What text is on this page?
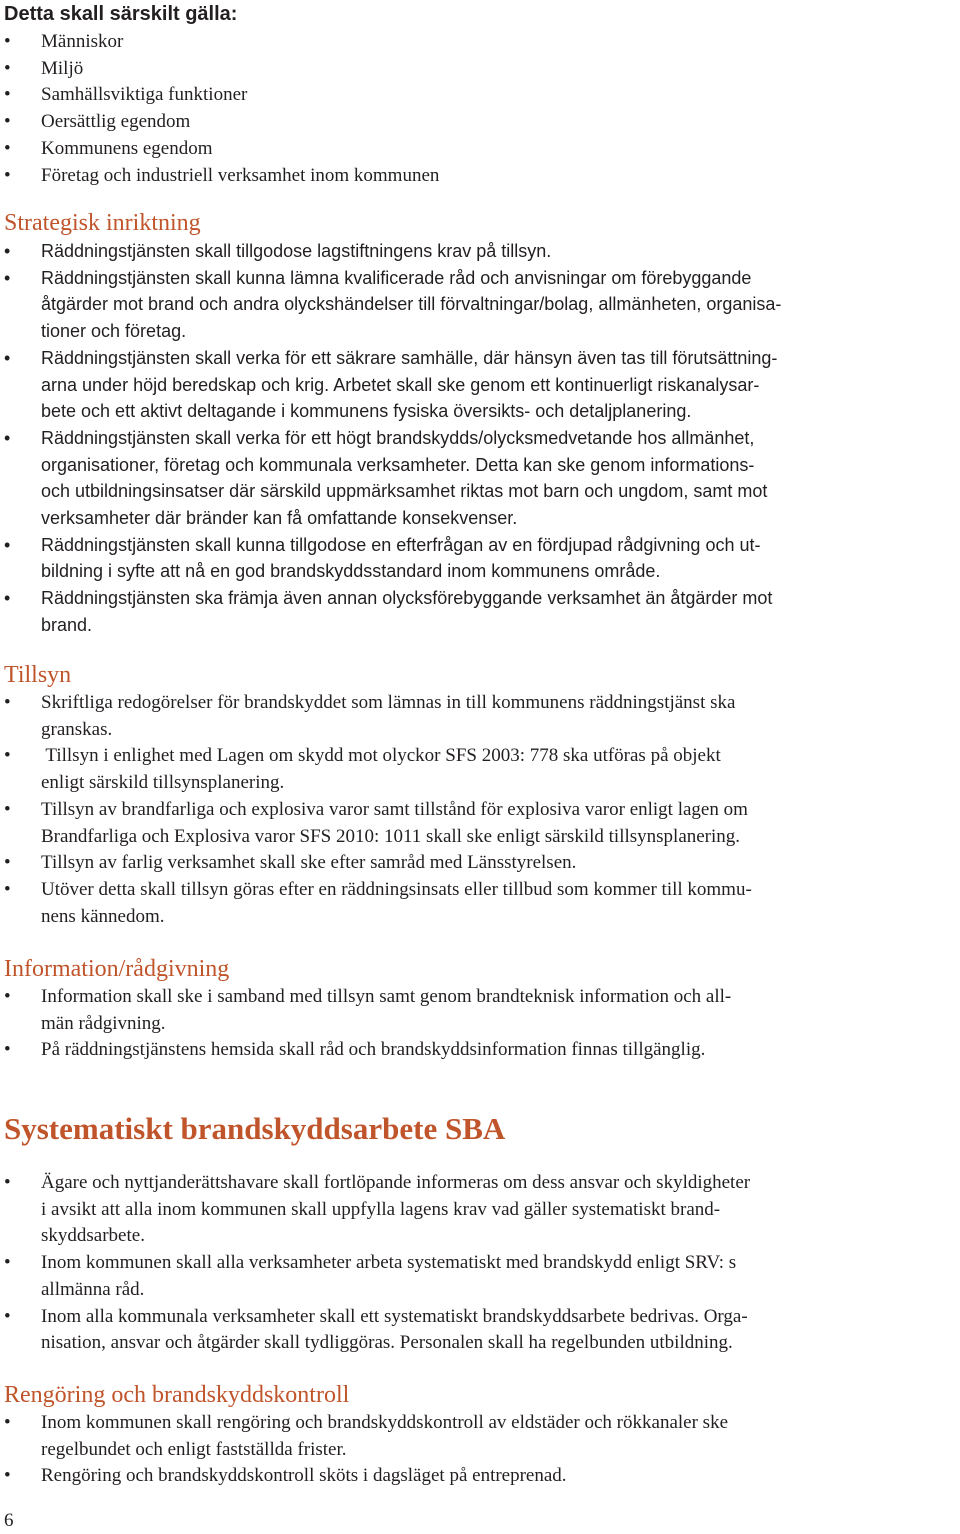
Detta skall särskilt gälla:
• Människor
• Miljö
• Samhällsviktiga funktioner
• Oersättlig egendom
• Kommunens egendom
• Företag och industriell verksamhet inom kommunen
Strategisk inriktning
• Räddningstjänsten skall tillgodose lagstiftningens krav på tillsyn.
• Räddningstjänsten skall kunna lämna kvalificerade råd och anvisningar om förebyggande
åtgärder mot brand och andra olyckshändelser till förvaltningar/bolag, allmänheten, organisa-
tioner och företag.
• Räddningstjänsten skall verka för ett säkrare samhälle, där hänsyn även tas till förutsättning-
arna under höjd beredskap och krig. Arbetet skall ske genom ett kontinuerligt riskanalysar-
bete och ett aktivt deltagande i kommunens fysiska översikts- och detaljplanering.
• Räddningstjänsten skall verka för ett högt brandskydds/olycksmedvetande hos allmänhet,
organisationer, företag och kommunala verksamheter. Detta kan ske genom informations-
och utbildningsinsatser där särskild uppmärksamhet riktas mot barn och ungdom, samt mot
verksamheter där bränder kan få omfattande konsekvenser.
• Räddningstjänsten skall kunna tillgodose en efterfrågan av en fördjupad rådgivning och ut-
bildning i syfte att nå en god brandskyddsstandard inom kommunens område.
• Räddningstjänsten ska främja även annan olycksförebyggande verksamhet än åtgärder mot
brand.
Tillsyn
• Skriftliga redogörelser för brandskyddet som lämnas in till kommunens räddningstjänst ska
granskas.
• Tillsyn i enlighet med Lagen om skydd mot olyckor SFS 2003: 778 ska utföras på objekt
enligt särskild tillsynsplanering.
• Tillsyn av brandfarliga och explosiva varor samt tillstånd för explosiva varor enligt lagen om
Brandfarliga och Explosiva varor SFS 2010: 1011 skall ske enligt särskild tillsynsplanering.
• Tillsyn av farlig verksamhet skall ske efter samråd med Länsstyrelsen.
• Utöver detta skall tillsyn göras efter en räddningsinsats eller tillbud som kommer till kommu-
nens kännedom.
Information/rådgivning
• Information skall ske i samband med tillsyn samt genom brandteknisk information och all-
män rådgivning.
• På räddningstjänstens hemsida skall råd och brandskyddsinformation finnas tillgänglig.
Systematiskt brandskyddsarbete SBA
• Ägare och nyttjanderättshavare skall fortlöpande informeras om dess ansvar och skyldigheter
i avsikt att alla inom kommunen skall uppfylla lagens krav vad gäller systematiskt brand-
skyddsarbete.
• Inom kommunen skall alla verksamheter arbeta systematiskt med brandskydd enligt SRV: s
allmänna råd.
• Inom alla kommunala verksamheter skall ett systematiskt brandskyddsarbete bedrivas. Orga-
nisation, ansvar och åtgärder skall tydliggöras. Personalen skall ha regelbunden utbildning.
Rengöring och brandskyddskontroll
• Inom kommunen skall rengöring och brandskyddskontroll av eldstäder och rökkanaler ske
regelbundet och enligt fastställda frister.
• Rengöring och brandskyddskontroll sköts i dagsläget på entreprenad.
6
